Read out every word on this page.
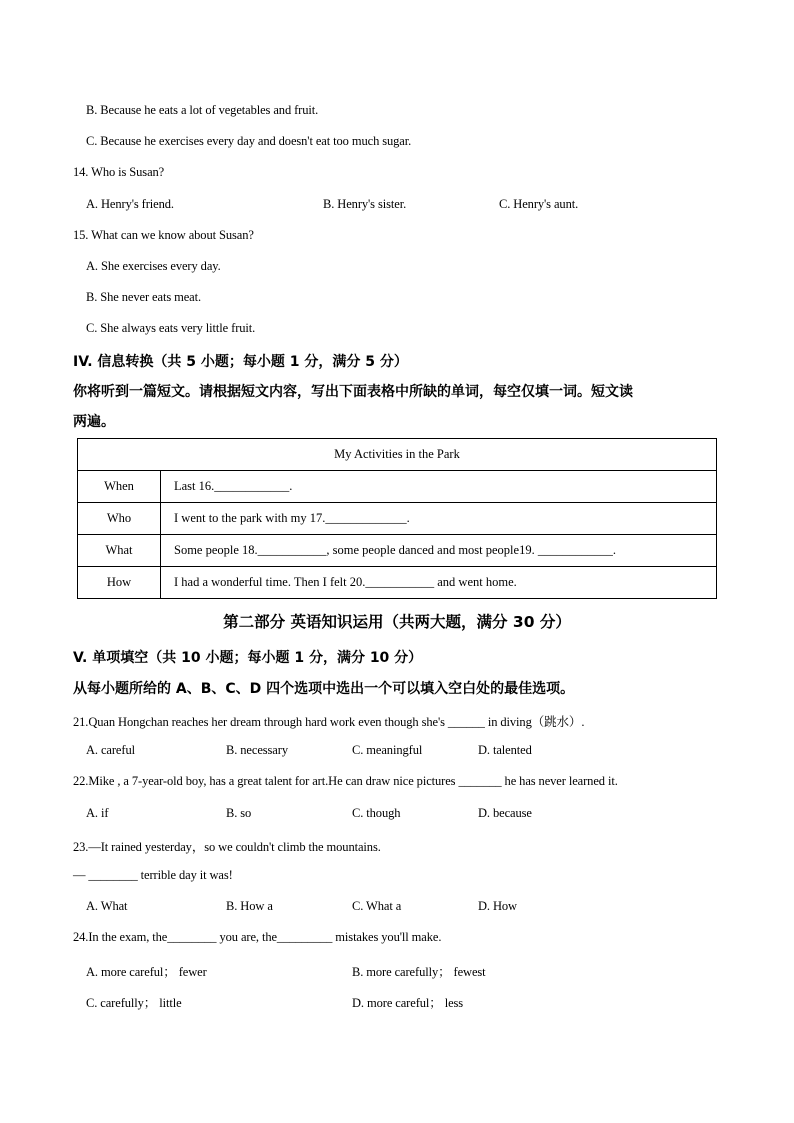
B. Because he eats a lot of vegetables and fruit.
C. Because he exercises every day and doesn't eat too much sugar.
14. Who is Susan?
A. Henry's friend.	B. Henry's sister.	C. Henry's aunt.
15. What can we know about Susan?
A. She exercises every day.
B. She never eats meat.
C. She always eats very little fruit.
IV. 信息转换（共 5 小题；每小题 1 分，满分 5 分）
你将听到一篇短文。请根据短文内容，写出下面表格中所缺的单词，每空仅填一词。短文读
两遍。
My Activities in the Park	
When	Last 16.____________.
Who	I went to the park with my 17._____________.
What	Some people 18.___________, some people danced and most people19. ____________.
How	I had a wonderful time. Then I felt 20.___________ and went home.
第二部分 英语知识运用（共两大题，满分 30 分）
V. 单项填空（共 10 小题；每小题 1 分，满分 10 分）
从每小题所给的 A、B、C、D 四个选项中选出一个可以填入空白处的最佳选项。
21.Quan Hongchan reaches her dream through hard work even though she's ______ in diving（跳水）.
A. careful	B. necessary	C. meaningful	D. talented
22.Mike , a 7-year-old boy, has a great talent for art.He can draw nice pictures _______ he has never learned it.
A. if	B. so	C. though	D. because
23.—It rained yesterday，so we couldn't climb the mountains.
— ________ terrible day it was!
A. What	B. How a	C. What a	D. How
24.In the exam, the________ you are, the_________ mistakes you'll make.
A. more careful； fewer	B. more carefully； fewest
C. carefully； little	D. more careful； less
